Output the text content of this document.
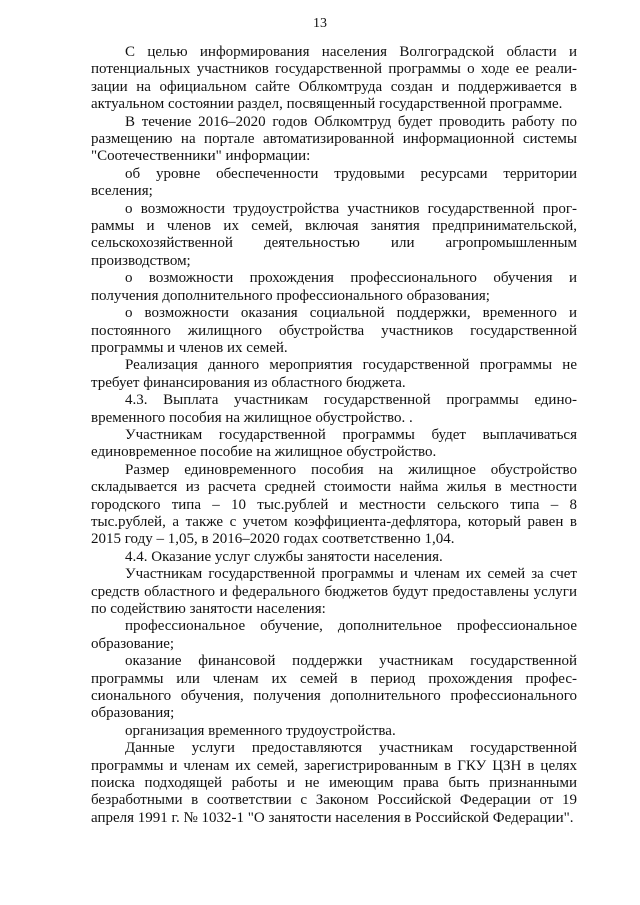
13

С целью информирования населения Волгоградской области и потенциальных участников государственной программы о ходе ее реализации на официальном сайте Облкомтруда создан и поддерживается в актуальном состоянии раздел, посвященный государственной программе.

В течение 2016–2020 годов Облкомтруд будет проводить работу по размещению на портале автоматизированной информационной системы "Соотечественники" информации:

об уровне обеспеченности трудовыми ресурсами территории вселения;

о возможности трудоустройства участников государственной программы и членов их семей, включая занятия предпринимательской, сельскохозяйственной деятельностью или агропромышленным производством;

о возможности прохождения профессионального обучения и получения дополнительного профессионального образования;

о возможности оказания социальной поддержки, временного и постоянного жилищного обустройства участников государственной программы и членов их семей.

Реализация данного мероприятия государственной программы не требует финансирования из областного бюджета.

4.3. Выплата участникам государственной программы единовременного пособия на жилищное обустройство. .

Участникам государственной программы будет выплачиваться единовременное пособие на жилищное обустройство.

Размер единовременного пособия на жилищное обустройство складывается из расчета средней стоимости найма жилья в местности городского типа – 10 тыс.рублей и местности сельского типа – 8 тыс.рублей, а также с учетом коэффициента-дефлятора, который равен в 2015 году – 1,05, в 2016–2020 годах соответственно 1,04.

4.4. Оказание услуг службы занятости населения.

Участникам государственной программы и членам их семей за счет средств областного и федерального бюджетов будут предоставлены услуги по содействию занятости населения:

профессиональное обучение, дополнительное профессиональное образование;

оказание финансовой поддержки участникам государственной программы или членам их семей в период прохождения профессионального обучения, получения дополнительного профессионального образования;

организация временного трудоустройства.

Данные услуги предоставляются участникам государственной программы и членам их семей, зарегистрированным в ГКУ ЦЗН в целях поиска подходящей работы и не имеющим права быть признанными безработными в соответствии с Законом Российской Федерации от 19 апреля 1991 г. № 1032-1 "О занятости населения в Российской Федерации".
